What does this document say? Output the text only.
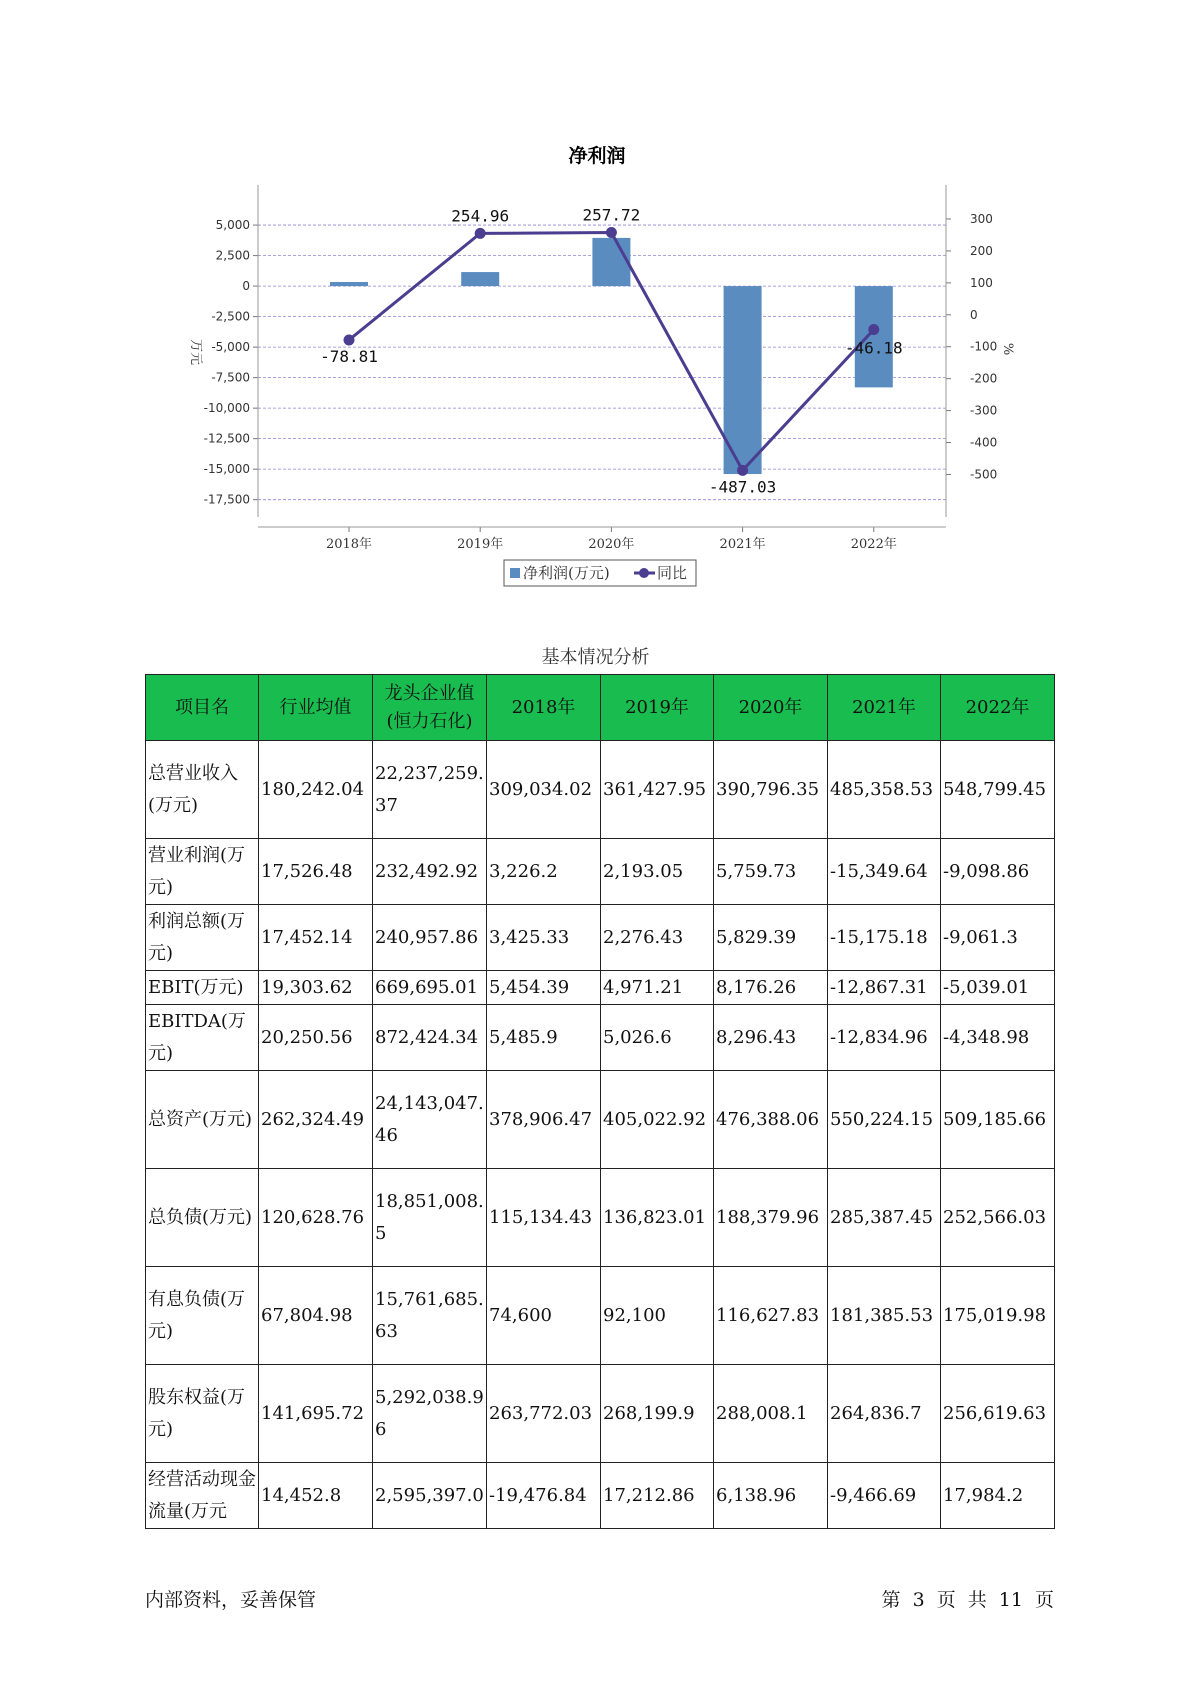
净利润
5,000
2,500
0
-2,500
-5,000
-7,500
-10,000
-12,500
-15,000
-17,500
300
200
100
0
-100
-200
-300
-400
-500
2018年	2019年	2020年	2021年	2022年
-78.81
254.96	257.72
-487.03
-46.18
万元	%
净利润(万元)	同比
基本情况分析
项目名	行业均值	龙头企业值(恒力石化)	2018年	2019年	2020年	2021年	2022年
总营业收入(万元)	180,242.04	22,237,259.37	309,034.02	361,427.95	390,796.35	485,358.53	548,799.45
营业利润(万元)	17,526.48	232,492.92	3,226.2	2,193.05	5,759.73	-15,349.64	-9,098.86
利润总额(万元)	17,452.14	240,957.86	3,425.33	2,276.43	5,829.39	-15,175.18	-9,061.3
EBIT(万元)	19,303.62	669,695.01	5,454.39	4,971.21	8,176.26	-12,867.31	-5,039.01
EBITDA(万元)	20,250.56	872,424.34	5,485.9	5,026.6	8,296.43	-12,834.96	-4,348.98
总资产(万元)	262,324.49	24,143,047.46	378,906.47	405,022.92	476,388.06	550,224.15	509,185.66
总负债(万元)	120,628.76	18,851,008.5	115,134.43	136,823.01	188,379.96	285,387.45	252,566.03
有息负债(万元)	67,804.98	15,761,685.63	74,600	92,100	116,627.83	181,385.53	175,019.98
股东权益(万元)	141,695.72	5,292,038.96	263,772.03	268,199.9	288,008.1	264,836.7	256,619.63
经营活动现金流量(万元	14,452.8	2,595,397.0	-19,476.84	17,212.86	6,138.96	-9,466.69	17,984.2
内部资料，妥善保管	第 3 页 共 11 页
